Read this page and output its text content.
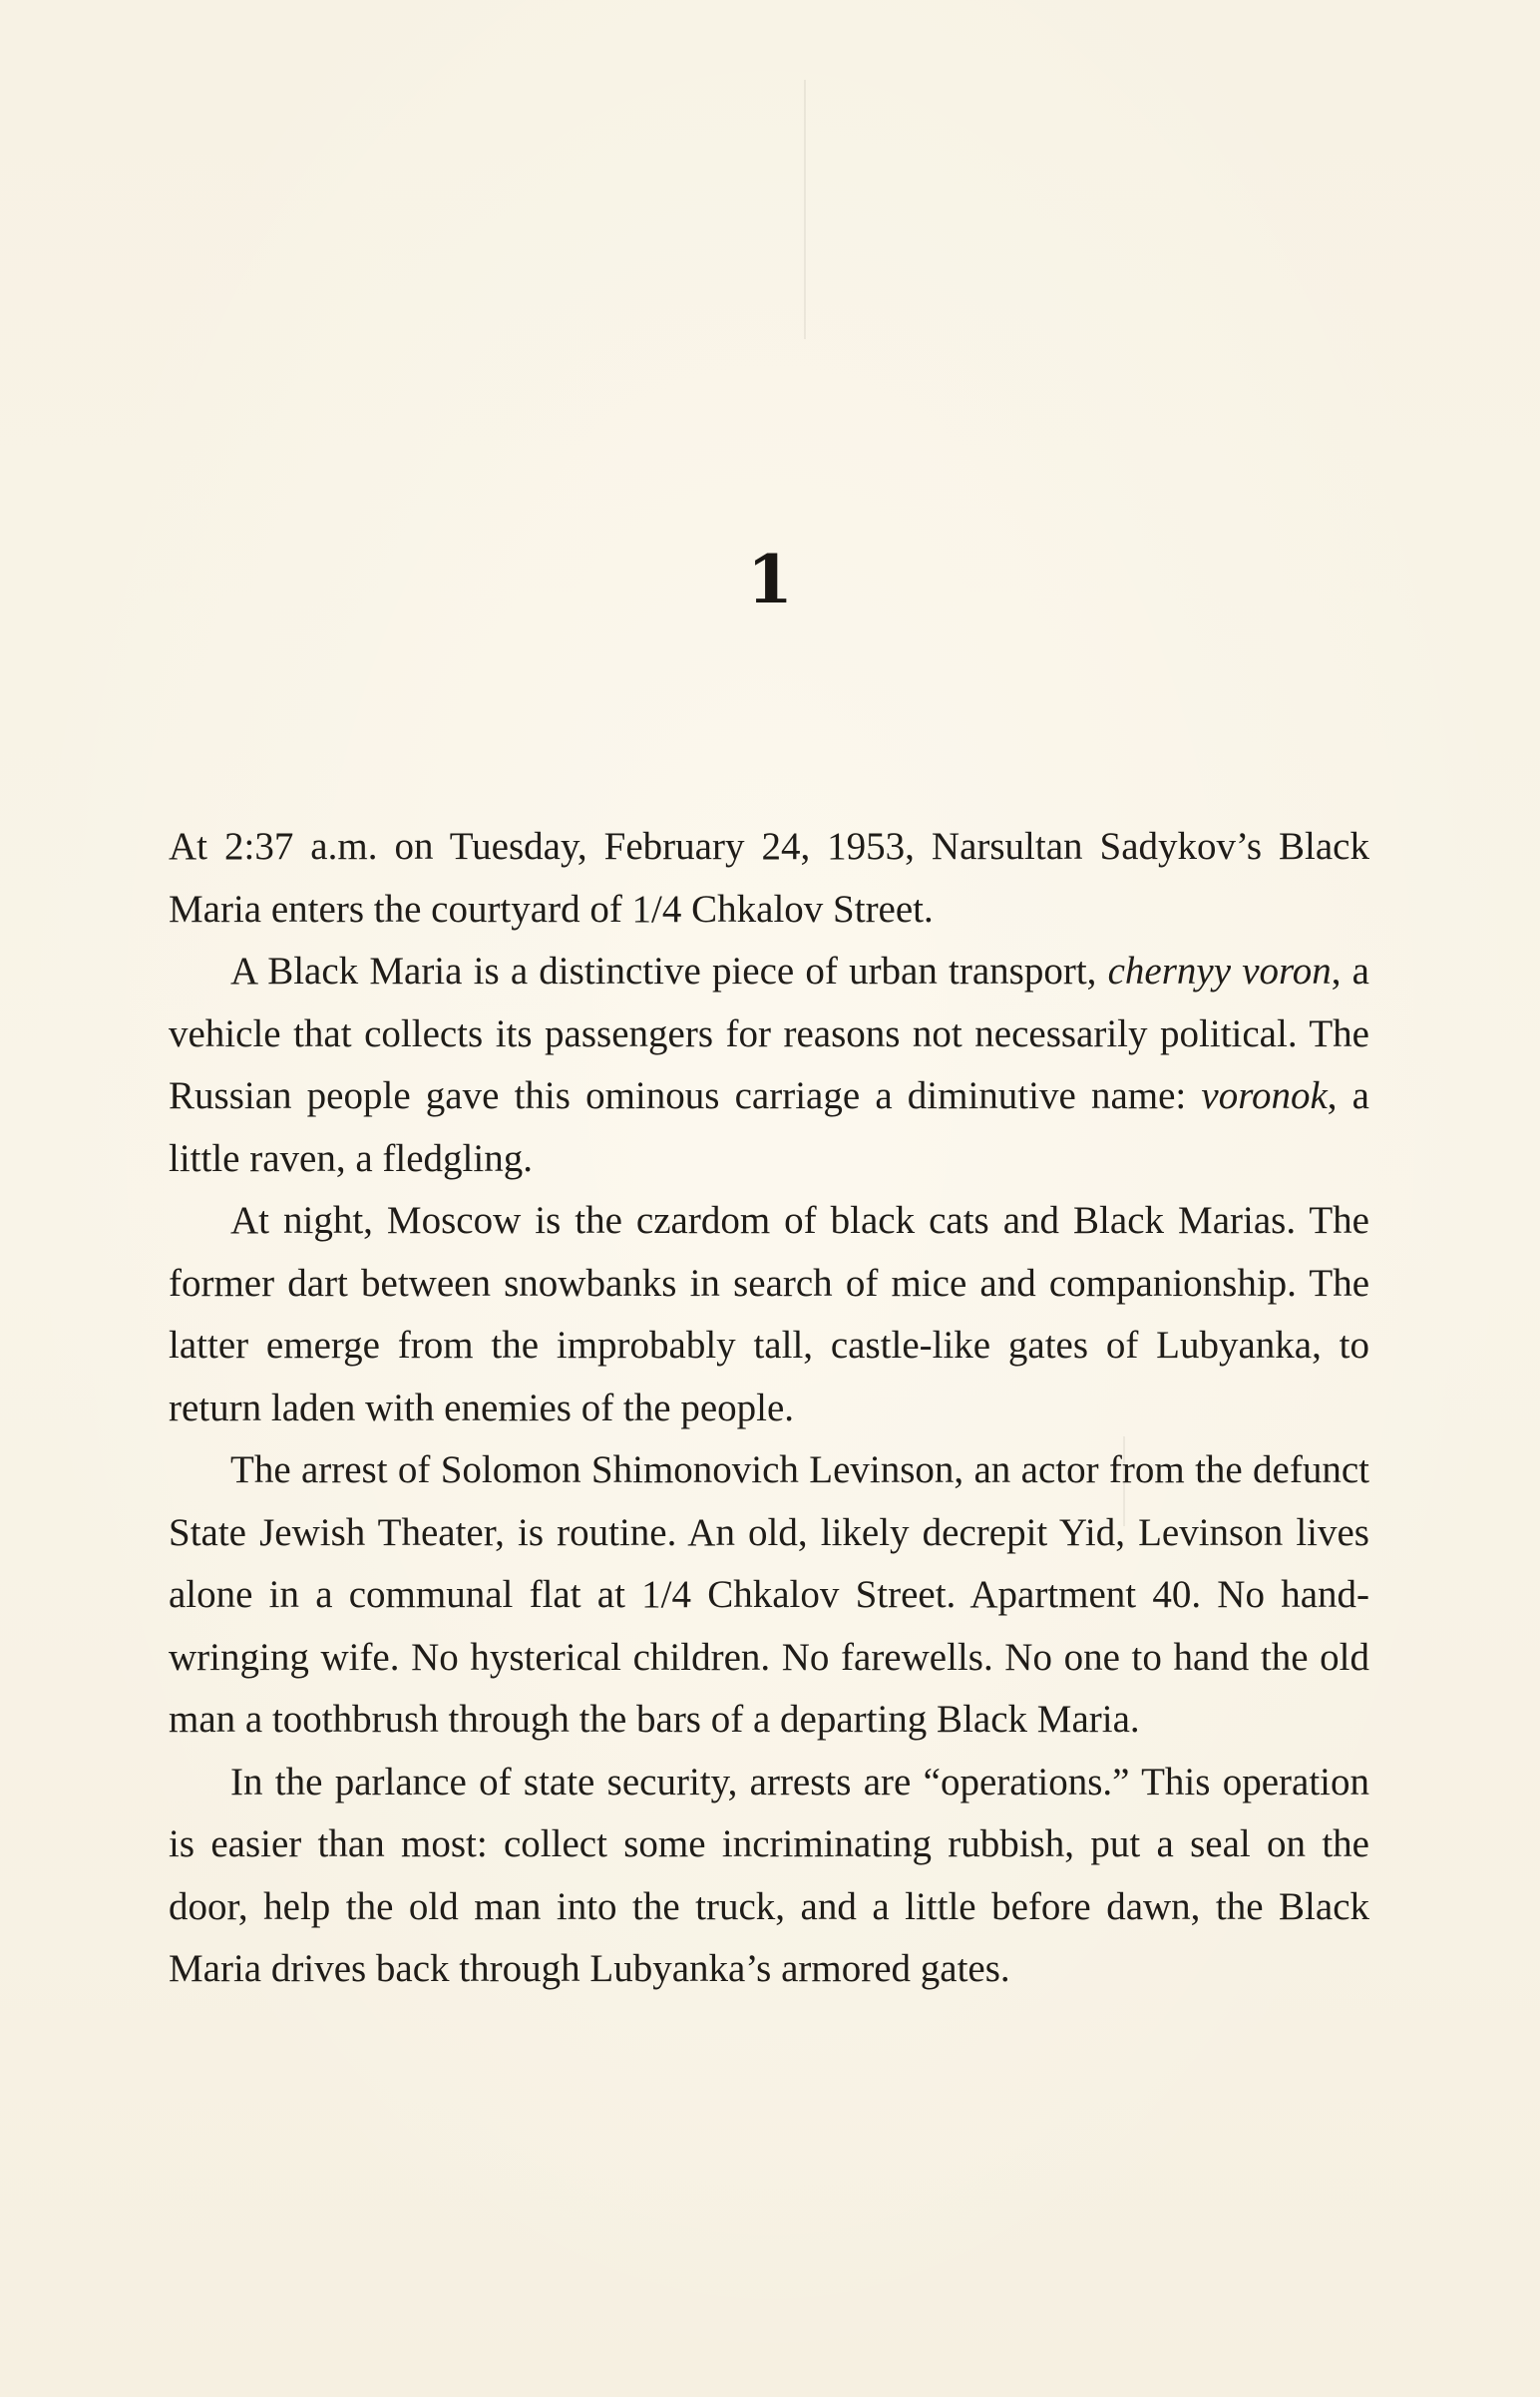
1

At 2:37 a.m. on Tuesday, February 24, 1953, Narsultan Sadykov’s Black Maria enters the courtyard of 1/4 Chkalov Street.

A Black Maria is a distinctive piece of urban transport, chernyy voron, a vehicle that collects its passengers for reasons not necessarily political. The Russian people gave this ominous carriage a diminutive name: voronok, a little raven, a fledgling.

At night, Moscow is the czardom of black cats and Black Marias. The former dart between snowbanks in search of mice and companionship. The latter emerge from the improbably tall, castle-like gates of Lubyanka, to return laden with enemies of the people.

The arrest of Solomon Shimonovich Levinson, an actor from the defunct State Jewish Theater, is routine. An old, likely decrepit Yid, Levinson lives alone in a communal flat at 1/4 Chkalov Street. Apartment 40. No hand-wringing wife. No hysterical children. No farewells. No one to hand the old man a toothbrush through the bars of a departing Black Maria.

In the parlance of state security, arrests are “operations.” This operation is easier than most: collect some incriminating rubbish, put a seal on the door, help the old man into the truck, and a little before dawn, the Black Maria drives back through Lubyanka’s armored gates.
